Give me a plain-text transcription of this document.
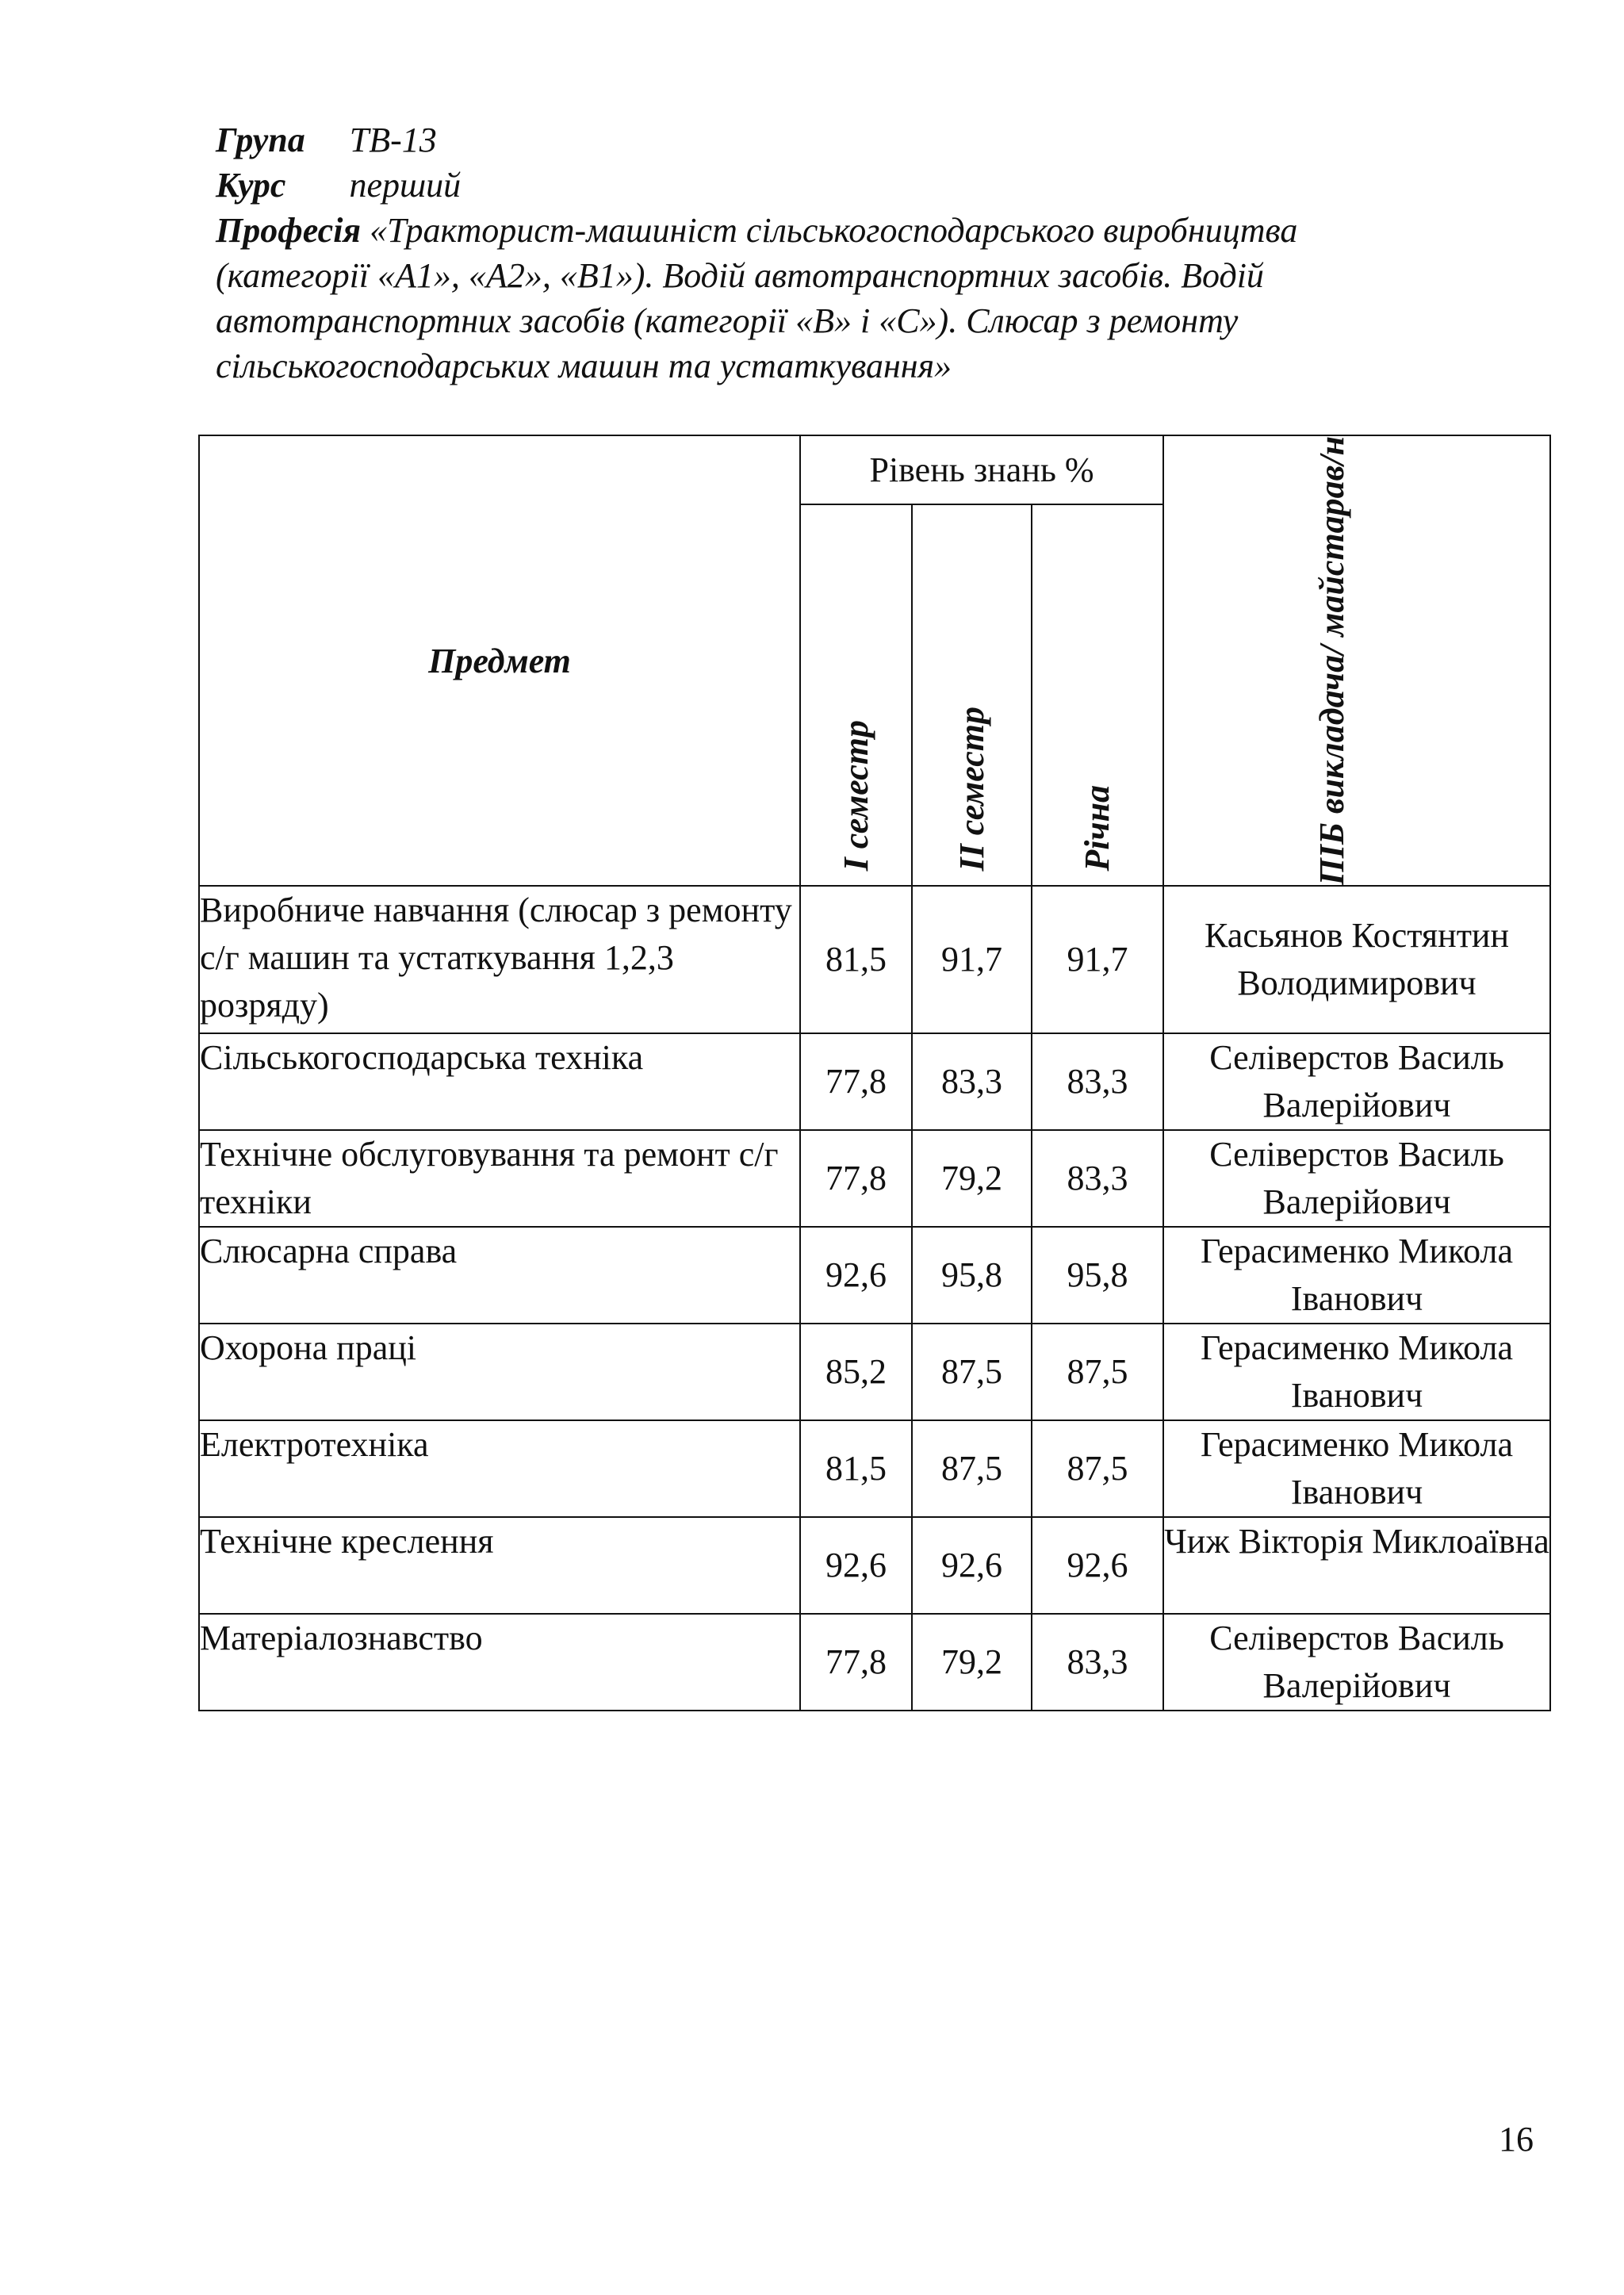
Група ТВ-13
Курс перший
Професія «Тракторист-машиніст сільськогосподарського виробництва
(категорії «А1», «А2», «В1»). Водій автотранспортних засобів. Водій
автотранспортних засобів (категорії «В» і «С»). Слюсар з ремонту
сільськогосподарських машин та устаткування»
Предмет	Рівень знань %			ПІБ викладача/ майстарав/н

	І семестр	ІІ семестр	Річна	

Виробниче навчання (слюсар з ремонту с/г машин та устаткування 1,2,3 розряду)	81,5	91,7	91,7	Касьянов Костянтин Володимирович
Сільськогосподарська техніка	77,8	83,3	83,3	Селіверстов Василь Валерійович
Технічне обслуговування та ремонт с/г техніки	77,8	79,2	83,3	Селіверстов Василь Валерійович
Слюсарна справа	92,6	95,8	95,8	Герасименко Микола Іванович
Охорона праці	85,2	87,5	87,5	Герасименко Микола Іванович
Електротехніка	81,5	87,5	87,5	Герасименко Микола Іванович
Технічне креслення	92,6	92,6	92,6	Чиж Вікторія Миклоаївна
Матеріалознавство	77,8	79,2	83,3	Селіверстов Василь Валерійович
16
